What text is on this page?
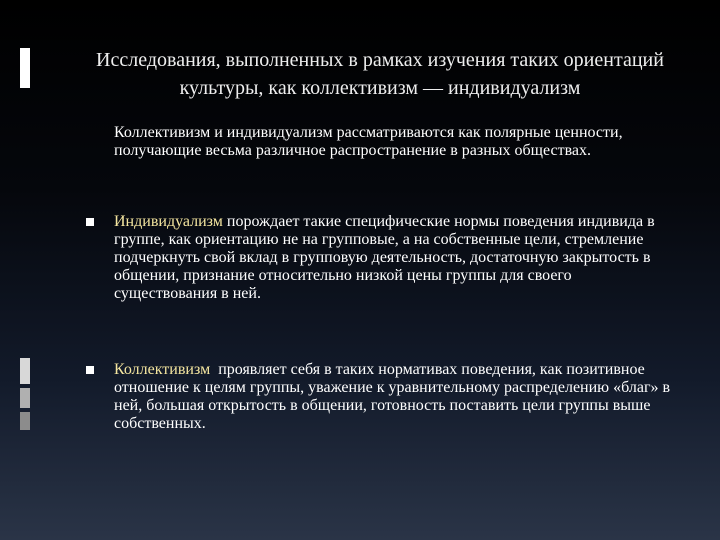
Исследования, выполненных в рамках изучения таких ориентаций культуры, как коллективизм — индивидуализм
Коллективизм и индивидуализм рассматриваются как полярные ценности, получающие весьма различное распространение в разных обществах.
Индивидуализм порождает такие специфические нормы поведения индивида в группе, как ориентацию не на групповые, а на собственные цели, стремление подчеркнуть свой вклад в групповую деятельность, достаточную закрытость в общении, признание относительно низкой цены группы для своего существования в ней.
Коллективизм  проявляет себя в таких нормативах поведения, как позитивное отношение к целям группы, уважение к уравнительному распределению «благ» в ней, большая открытость в общении, готовность поставить цели группы выше собственных.
